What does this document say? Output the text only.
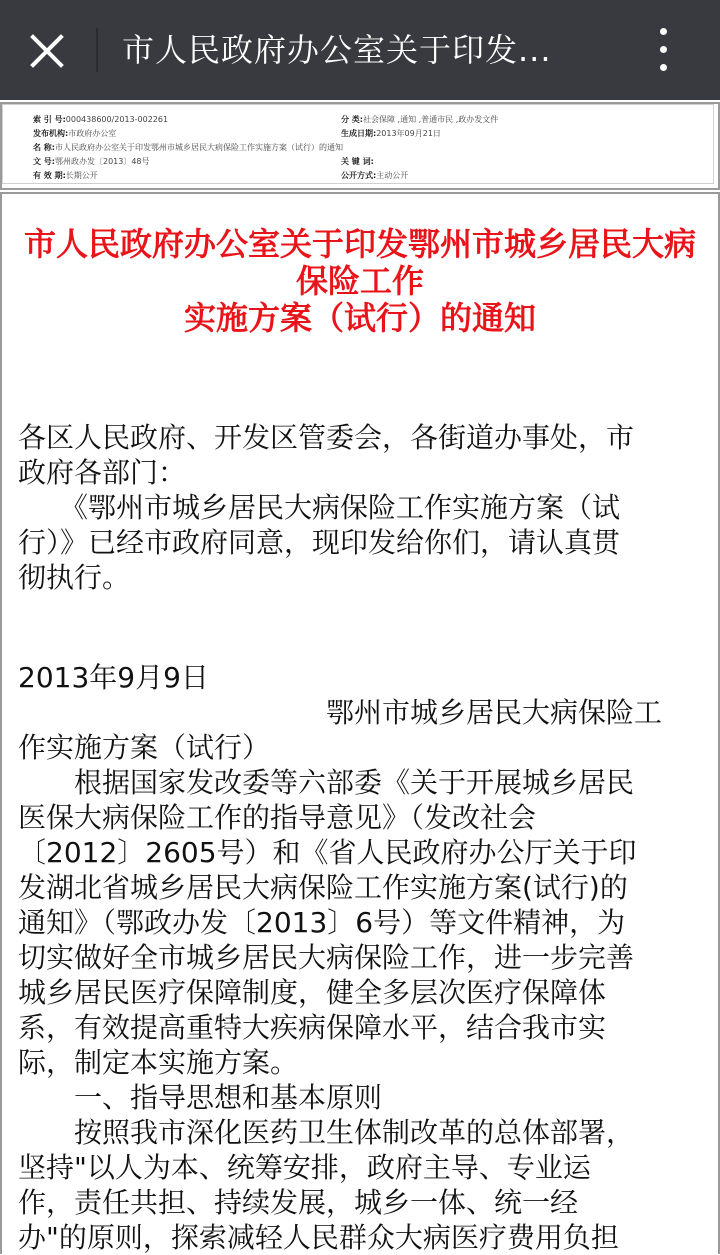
市人民政府办公室关于印发...
索 引 号:000438600/2013-002261	分 类:社会保障 ,通知 ,普通市民 ,政办发文件
发布机构:市政府办公室	生成日期:2013年09月21日
名 称:市人民政府办公室关于印发鄂州市城乡居民大病保险工作实施方案（试行）的通知
文 号:鄂州政办发〔2013〕48号	关 键 词:
有 效 期:长期公开	公开方式:主动公开
市人民政府办公室关于印发鄂州市城乡居民大病
保险工作
实施方案（试行）的通知
各区人民政府、开发区管委会，各街道办事处，市
政府各部门：
　　《鄂州市城乡居民大病保险工作实施方案（试
行）》已经市政府同意，现印发给你们，请认真贯
彻执行。
2013年9月9日
　　　　　　　　　　　鄂州市城乡居民大病保险工
作实施方案（试行）
　　根据国家发改委等六部委《关于开展城乡居民
医保大病保险工作的指导意见》（发改社会
〔2012〕2605号）和《省人民政府办公厅关于印
发湖北省城乡居民大病保险工作实施方案(试行)的
通知》（鄂政办发〔2013〕6号）等文件精神，为
切实做好全市城乡居民大病保险工作，进一步完善
城乡居民医疗保障制度，健全多层次医疗保障体
系，有效提高重特大疾病保障水平，结合我市实
际，制定本实施方案。
　　一、指导思想和基本原则
　　按照我市深化医药卫生体制改革的总体部署，
坚持"以人为本、统筹安排，政府主导、专业运
作，责任共担、持续发展，城乡一体、统一经
办"的原则，探索减轻人民群众大病医疗费用负担
